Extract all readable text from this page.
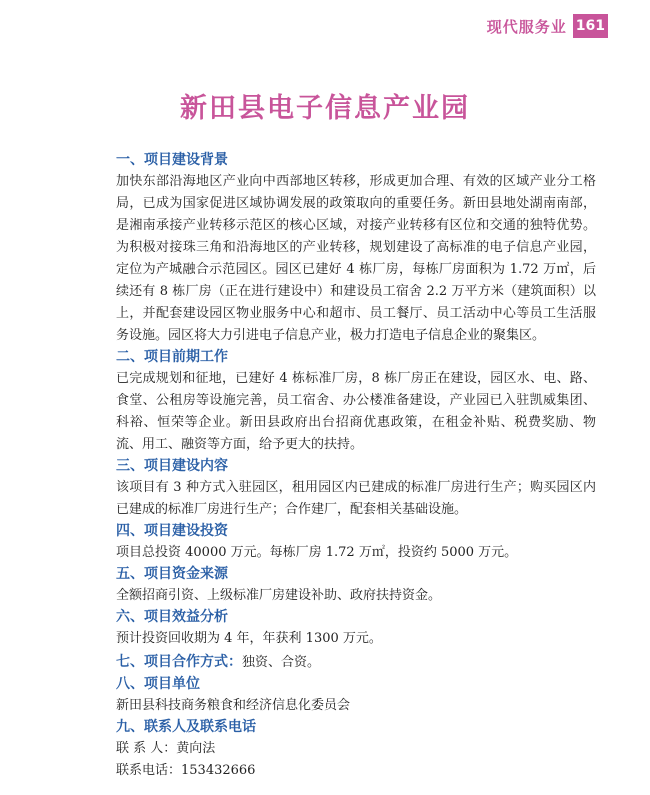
现代服务业 161
新田县电子信息产业园
一、项目建设背景
加快东部沿海地区产业向中西部地区转移，形成更加合理、有效的区域产业分工格局，已成为国家促进区域协调发展的政策取向的重要任务。新田县地处湖南南部，是湘南承接产业转移示范区的核心区域，对接产业转移有区位和交通的独特优势。为积极对接珠三角和沿海地区的产业转移，规划建设了高标准的电子信息产业园，定位为产城融合示范园区。园区已建好 4 栋厂房，每栋厂房面积为 1.72 万㎡，后续还有 8 栋厂房（正在进行建设中）和建设员工宿舍 2.2 万平方米（建筑面积）以上，并配套建设园区物业服务中心和超市、员工餐厅、员工活动中心等员工生活服务设施。园区将大力引进电子信息产业，极力打造电子信息企业的聚集区。
二、项目前期工作
已完成规划和征地，已建好 4 栋标准厂房，8 栋厂房正在建设，园区水、电、路、食堂、公租房等设施完善，员工宿舍、办公楼准备建设，产业园已入驻凯威集团、科裕、恒荣等企业。新田县政府出台招商优惠政策，在租金补贴、税费奖励、物流、用工、融资等方面，给予更大的扶持。
三、项目建设内容
该项目有 3 种方式入驻园区，租用园区内已建成的标准厂房进行生产；购买园区内已建成的标准厂房进行生产；合作建厂，配套相关基础设施。
四、项目建设投资
项目总投资 40000 万元。每栋厂房 1.72 万㎡，投资约 5000 万元。
五、项目资金来源
全额招商引资、上级标准厂房建设补助、政府扶持资金。
六、项目效益分析
预计投资回收期为 4 年，年获利 1300 万元。
七、项目合作方式：独资、合资。
八、项目单位
新田县科技商务粮食和经济信息化委员会
九、联系人及联系电话
联 系 人：黄向法
联系电话：153432666
